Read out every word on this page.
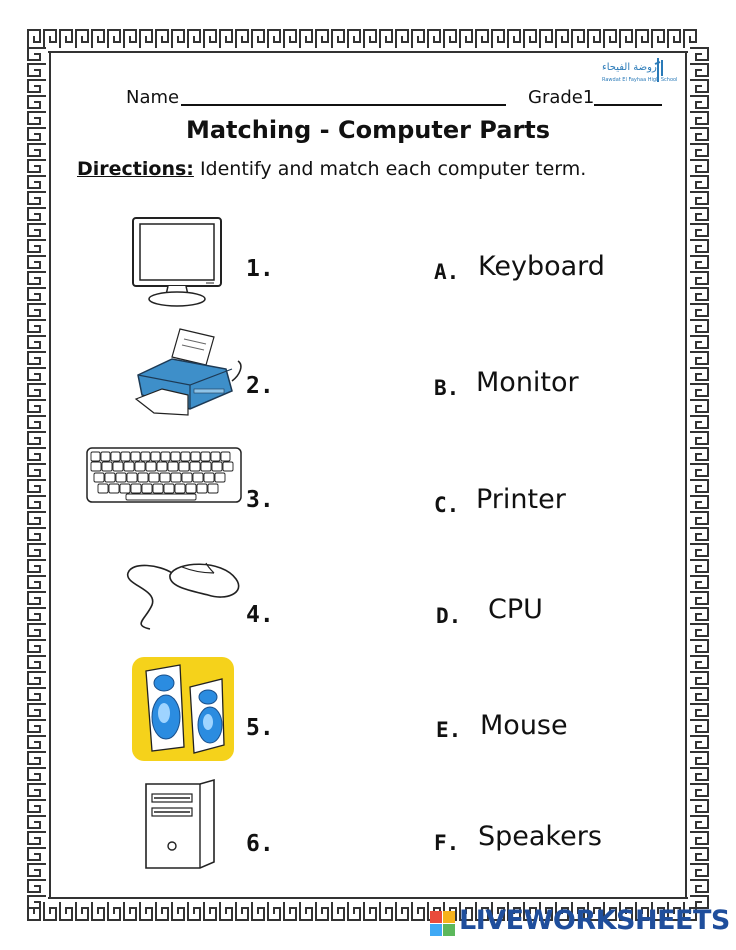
ﺭﻭﺿﺔ ﺍﻟﻔﻴﺤﺎﺀ
Rawdat El Fayhaa High School
Name	Grade1
Matching - Computer Parts
Directions: Identify and match each computer term.
1.
2.
3.
4.
5.
6.
A. Keyboard
B. Monitor
C. Printer
D. CPU
E. Mouse
F. Speakers
LIVEWORKSHEETS
